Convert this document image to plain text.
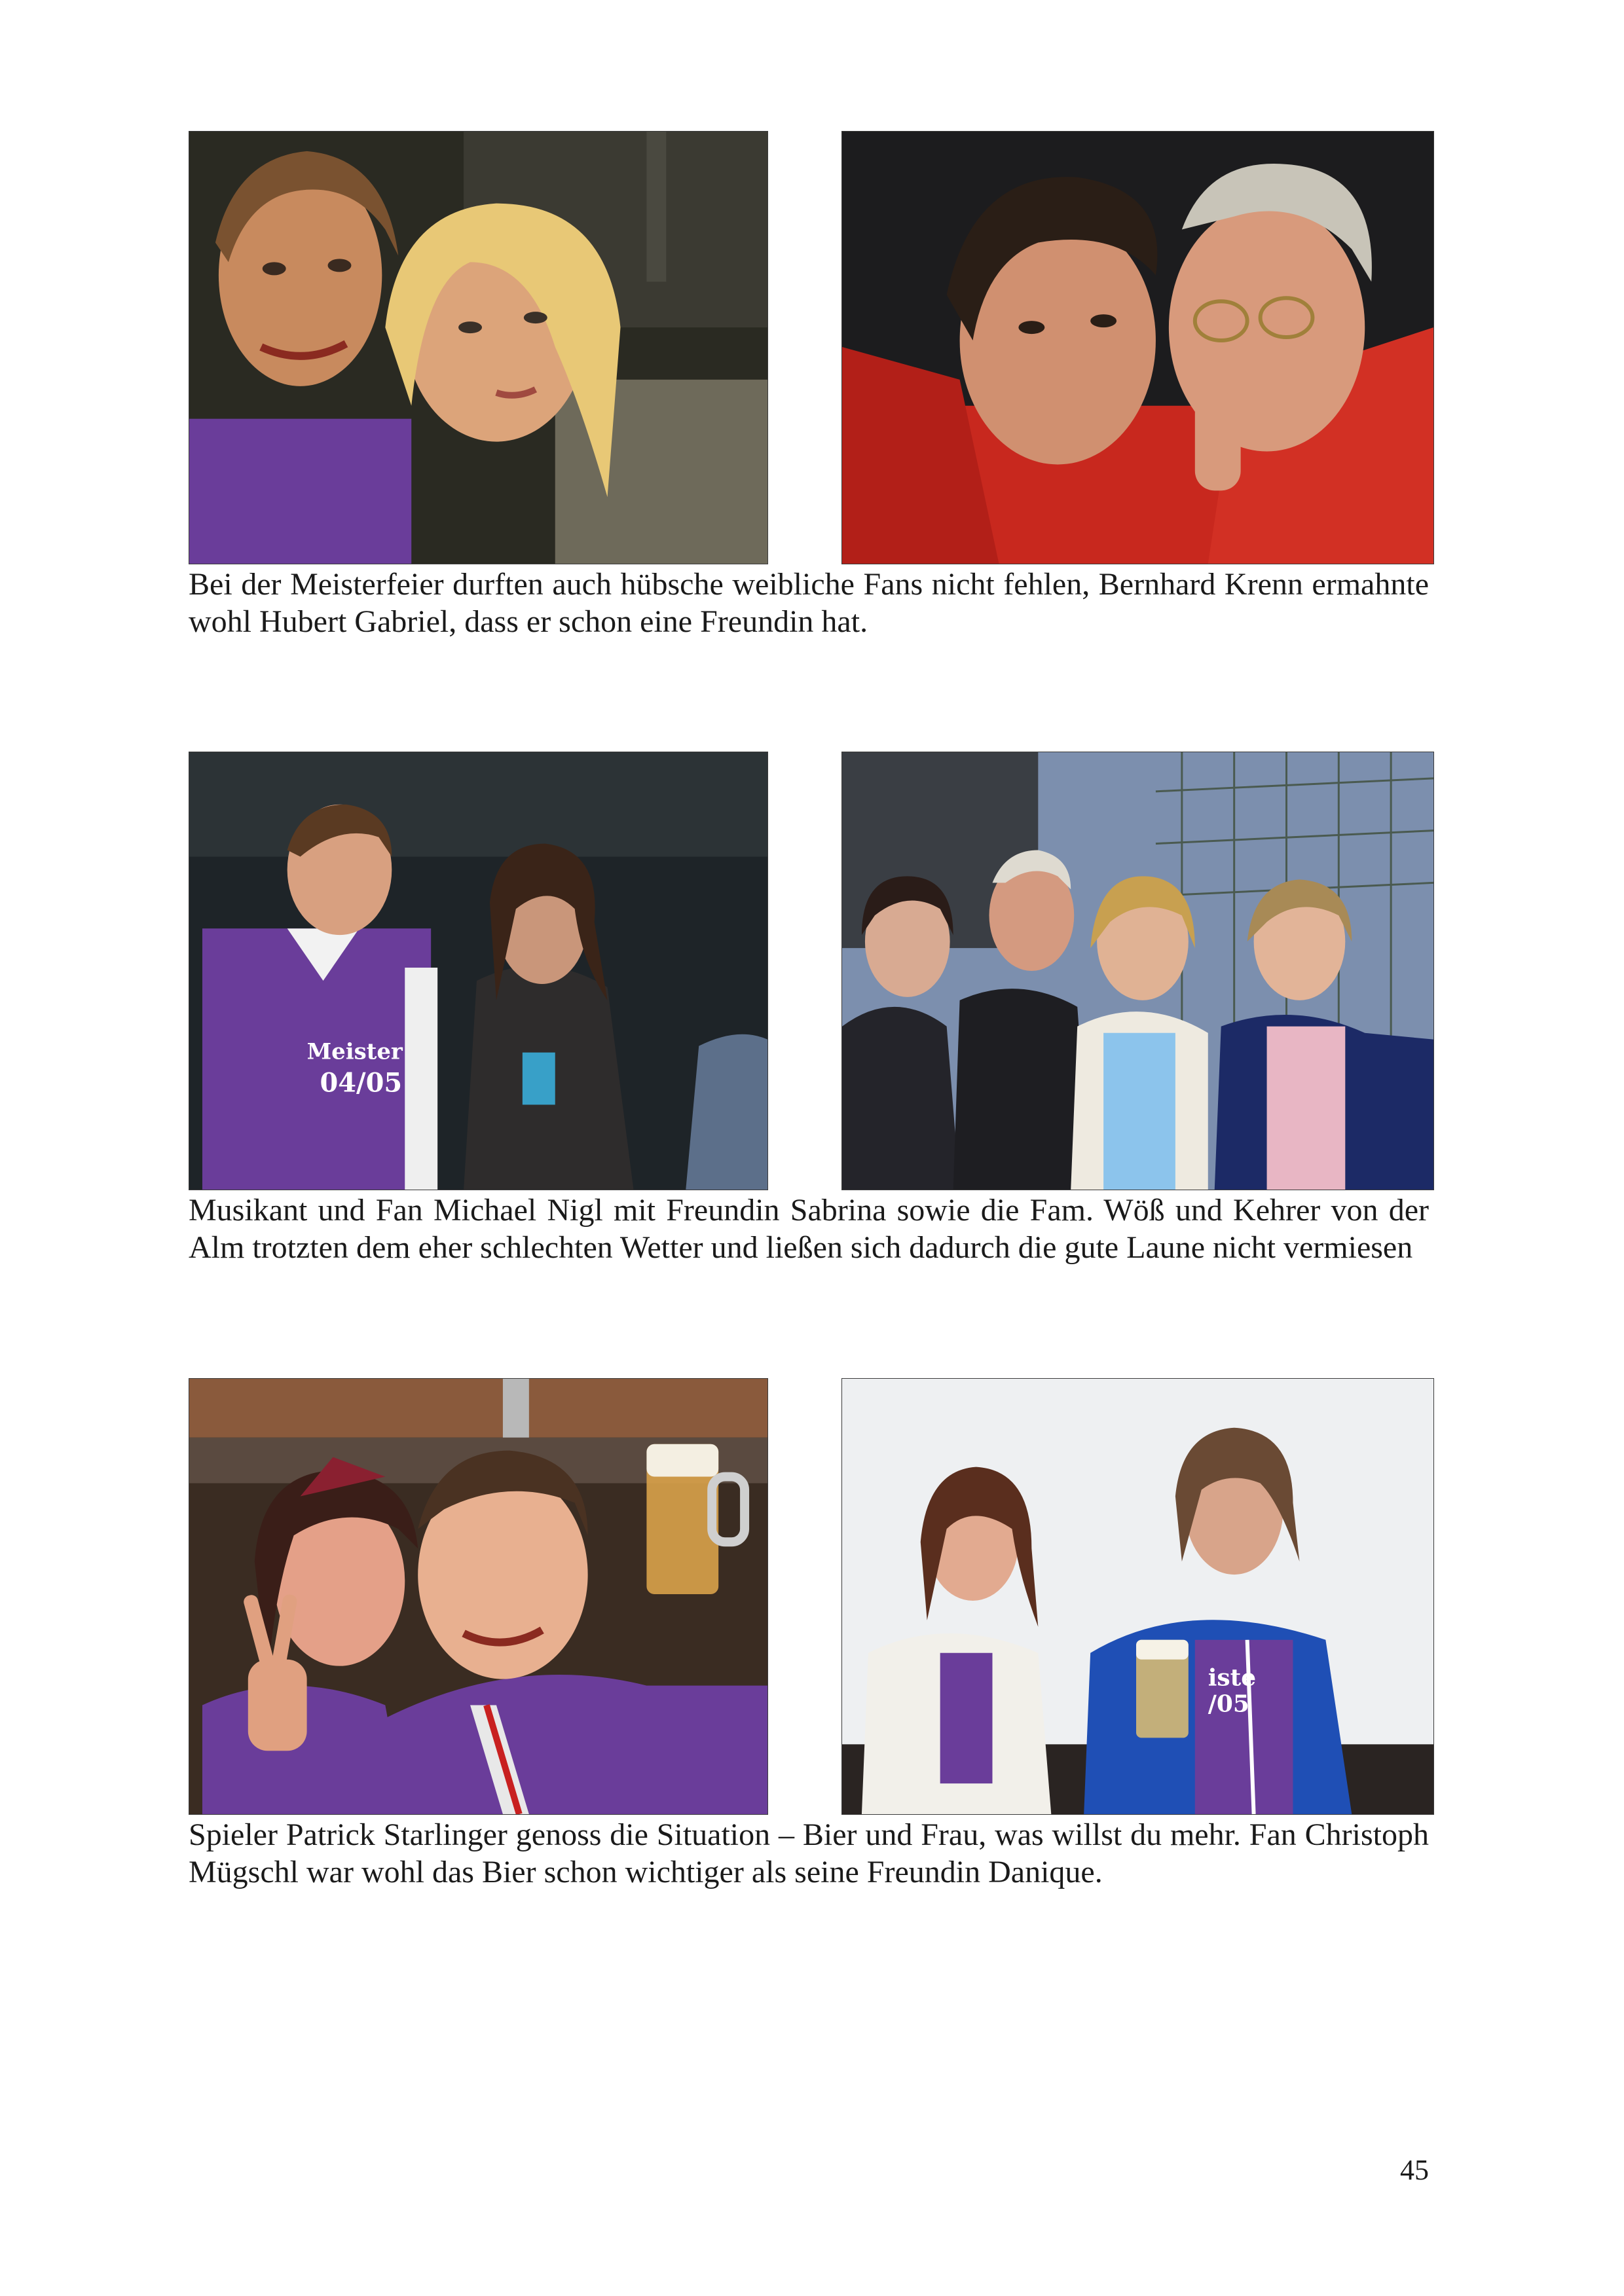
Bei der Meisterfeier durften auch hübsche weibliche Fans nicht fehlen, Bernhard Krenn ermahnte wohl Hubert Gabriel, dass er schon eine Freundin hat.
Meister
04/05
Musikant und Fan Michael Nigl mit Freundin Sabrina sowie die Fam. Wöß und Kehrer von der Alm trotzten dem eher schlechten Wetter und ließen sich dadurch die gute Laune nicht vermiesen
iste
/05
Spieler Patrick Starlinger genoss die Situation – Bier und Frau, was willst du mehr. Fan Christoph Mügschl war wohl das Bier schon wichtiger als seine Freundin Danique.
45
